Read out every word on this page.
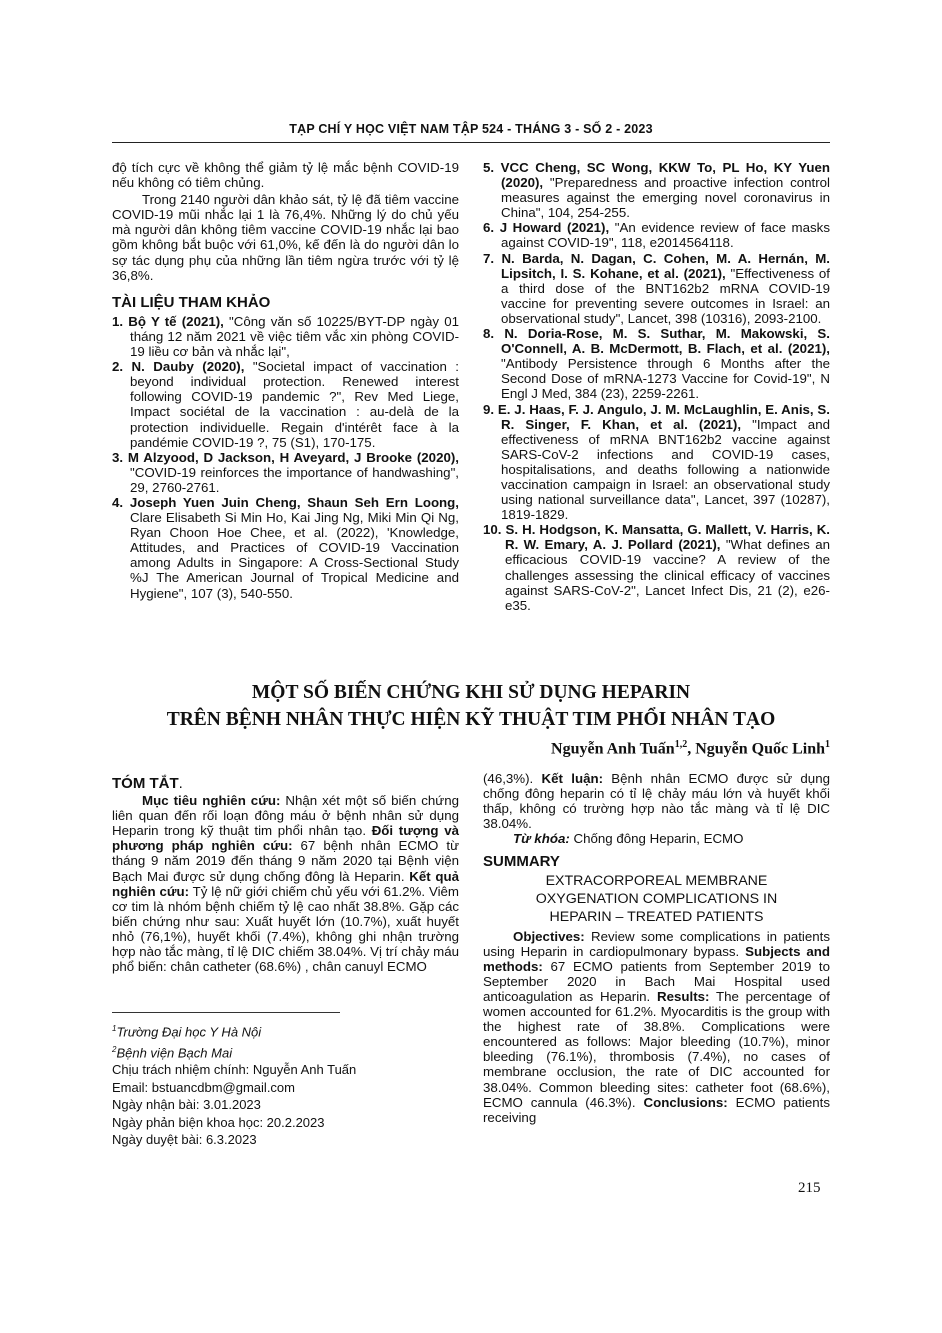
TẠP CHÍ Y HỌC VIỆT NAM TẬP 524 - THÁNG 3 - SỐ 2 - 2023

độ tích cực về không thể giảm tỷ lệ mắc bệnh COVID-19 nếu không có tiêm chủng.

Trong 2140 người dân khảo sát, tỷ lệ đã tiêm vaccine COVID-19 mũi nhắc lại 1 là 76,4%. Những lý do chủ yếu mà người dân không tiêm vaccine COVID-19 nhắc lại bao gồm không bắt buộc với 61,0%, kế đến là do người dân lo sợ tác dụng phụ của những lần tiêm ngừa trước với tỷ lệ 36,8%.

TÀI LIỆU THAM KHẢO

1. Bộ Y tế (2021), "Công văn số 10225/BYT-DP ngày 01 tháng 12 năm 2021 về việc tiêm vắc xin phòng COVID-19 liều cơ bản và nhắc lại",

2. N. Dauby (2020), "Societal impact of vaccination : beyond individual protection. Renewed interest following COVID-19 pandemic ?", Rev Med Liege, Impact sociétal de la vaccination : au-delà de la protection individuelle. Regain d'intérêt face à la pandémie COVID-19 ?, 75 (S1), 170-175.

3. M Alzyood, D Jackson, H Aveyard, J Brooke (2020), "COVID-19 reinforces the importance of handwashing", 29, 2760-2761.

4. Joseph Yuen Juin Cheng, Shaun Seh Ern Loong, Clare Elisabeth Si Min Ho, Kai Jing Ng, Miki Min Qi Ng, Ryan Choon Hoe Chee, et al. (2022), 'Knowledge, Attitudes, and Practices of COVID-19 Vaccination among Adults in Singapore: A Cross-Sectional Study %J The American Journal of Tropical Medicine and Hygiene", 107 (3), 540-550.

5. VCC Cheng, SC Wong, KKW To, PL Ho, KY Yuen (2020), "Preparedness and proactive infection control measures against the emerging novel coronavirus in China", 104, 254-255.

6. J Howard (2021), "An evidence review of face masks against COVID-19", 118, e2014564118.

7. N. Barda, N. Dagan, C. Cohen, M. A. Hernán, M. Lipsitch, I. S. Kohane, et al. (2021), "Effectiveness of a third dose of the BNT162b2 mRNA COVID-19 vaccine for preventing severe outcomes in Israel: an observational study", Lancet, 398 (10316), 2093-2100.

8. N. Doria-Rose, M. S. Suthar, M. Makowski, S. O'Connell, A. B. McDermott, B. Flach, et al. (2021), "Antibody Persistence through 6 Months after the Second Dose of mRNA-1273 Vaccine for Covid-19", N Engl J Med, 384 (23), 2259-2261.

9. E. J. Haas, F. J. Angulo, J. M. McLaughlin, E. Anis, S. R. Singer, F. Khan, et al. (2021), "Impact and effectiveness of mRNA BNT162b2 vaccine against SARS-CoV-2 infections and COVID-19 cases, hospitalisations, and deaths following a nationwide vaccination campaign in Israel: an observational study using national surveillance data", Lancet, 397 (10287), 1819-1829.

10. S. H. Hodgson, K. Mansatta, G. Mallett, V. Harris, K. R. W. Emary, A. J. Pollard (2021), "What defines an efficacious COVID-19 vaccine? A review of the challenges assessing the clinical efficacy of vaccines against SARS-CoV-2", Lancet Infect Dis, 21 (2), e26-e35.

MỘT SỐ BIẾN CHỨNG KHI SỬ DỤNG HEPARIN
TRÊN BỆNH NHÂN THỰC HIỆN KỸ THUẬT TIM PHỔI NHÂN TẠO
Nguyễn Anh Tuấn$^{1,2}$, Nguyễn Quốc Linh$^1$
TÓM TẮT.

Mục tiêu nghiên cứu: Nhận xét một số biến chứng liên quan đến rối loạn đông máu ở bệnh nhân sử dụng Heparin trong kỹ thuật tim phổi nhân tạo. Đối tượng và phương pháp nghiên cứu: 67 bệnh nhân ECMO từ tháng 9 năm 2019 đến tháng 9 năm 2020 tại Bệnh viện Bạch Mai được sử dụng chống đông là Heparin. Kết quả nghiên cứu: Tỷ lệ nữ giới chiếm chủ yếu với 61.2%. Viêm cơ tim là nhóm bệnh chiếm tỷ lệ cao nhất 38.8%. Gặp các biến chứng như sau: Xuất huyết lớn (10.7%), xuất huyết nhỏ (76,1%), huyết khối (7.4%), không ghi nhận trường hợp nào tắc màng, tỉ lệ DIC chiếm 38.04%. Vị trí chảy máu phổ biến: chân catheter (68.6%) , chân canuyl ECMO

(46,3%). Kết luận: Bệnh nhân ECMO được sử dụng chống đông heparin có tỉ lệ chảy máu lớn và huyết khối thấp, không có trường hợp nào tắc màng và tỉ lệ DIC 38.04%.

Từ khóa: Chống đông Heparin, ECMO

SUMMARY
EXTRACORPOREAL MEMBRANE
OXYGENATION COMPLICATIONS IN
HEPARIN – TREATED PATIENTS

Objectives: Review some complications in patients using Heparin in cardiopulmonary bypass. Subjects and methods: 67 ECMO patients from September 2019 to September 2020 in Bach Mai Hospital used anticoagulation as Heparin. Results: The percentage of women accounted for 61.2%. Myocarditis is the group with the highest rate of 38.8%. Complications were encountered as follows: Major bleeding (10.7%), minor bleeding (76.1%), thrombosis (7.4%), no cases of membrane occlusion, the rate of DIC accounted for 38.04%. Common bleeding sites: catheter foot (68.6%), ECMO cannula (46.3%). Conclusions: ECMO patients receiving

$^1$Trường Đại học Y Hà Nội

$^2$Bệnh viện Bạch Mai

Chịu trách nhiệm chính: Nguyễn Anh Tuấn

Email: bstuancdbm@gmail.com

Ngày nhận bài: 3.01.2023

Ngày phản biện khoa học: 20.2.2023

Ngày duyệt bài: 6.3.2023

215
